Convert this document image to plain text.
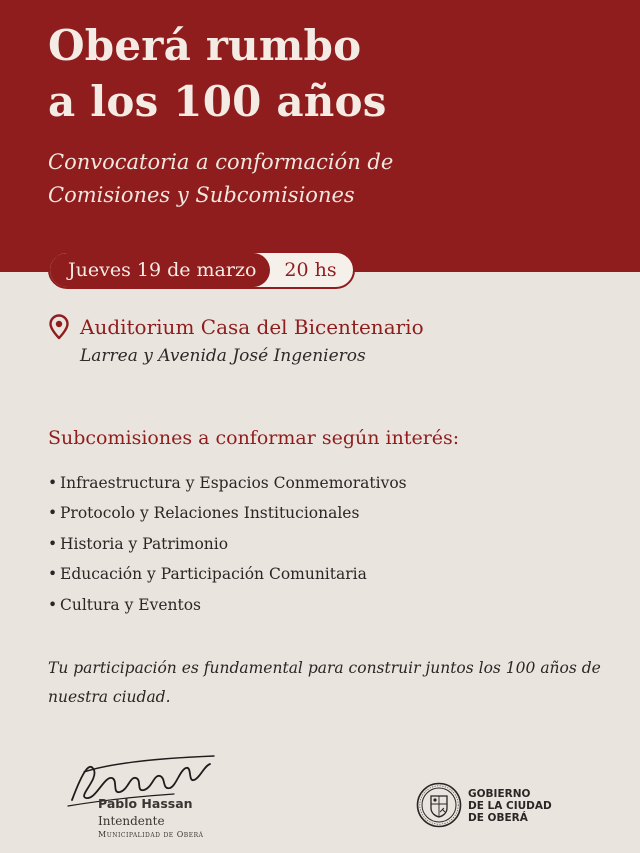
Oberá rumbo
a los 100 años
Convocatoria a conformación de
Comisiones y Subcomisiones
Jueves 19 de marzo	20 hs
Auditorium Casa del Bicentenario
Larrea y Avenida José Ingenieros
Subcomisiones a conformar según interés:
• Infraestructura y Espacios Conmemorativos
• Protocolo y Relaciones Institucionales
• Historia y Patrimonio
• Educación y Participación Comunitaria
• Cultura y Eventos
Tu participación es fundamental para construir juntos los 100 años de nuestra ciudad.
Pablo Hassan
Intendente
Municipalidad de Oberá
GOBIERNO
DE LA CIUDAD
DE OBERÁ
